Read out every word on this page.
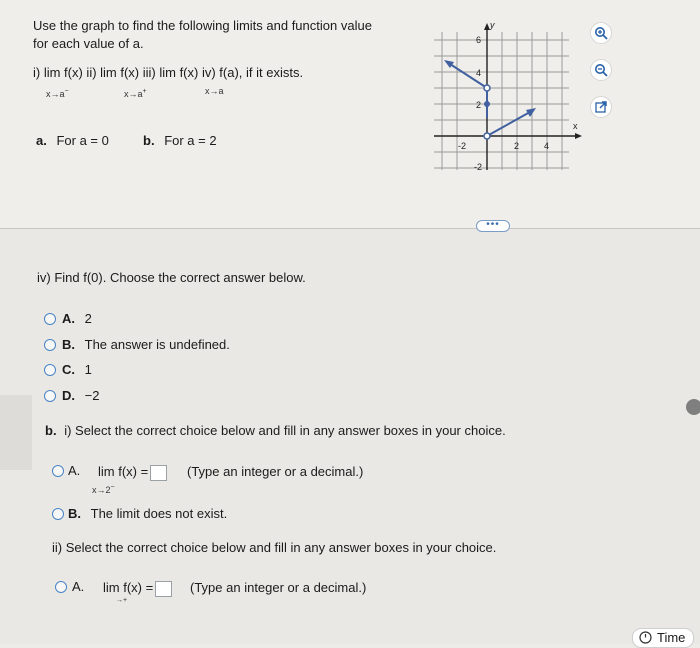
Use the graph to find the following limits and function value
for each value of a.
i) lim f(x) ii) lim f(x) iii) lim f(x) iv) f(a), if it exists.
x→a−	x→a+	x→a
a. For a = 0	b. For a = 2
y
x
6
4
2
-2
-2	2	4
•••
iv) Find f(0). Choose the correct answer below.
A. 2
B. The answer is undefined.
C. 1
D. −2
b. i) Select the correct choice below and fill in any answer boxes in your choice.
A. lim f(x) =
x→2−
(Type an integer or a decimal.)
B. The limit does not exist.
ii) Select the correct choice below and fill in any answer boxes in your choice.
A. lim f(x) =
→+
(Type an integer or a decimal.)
Time
